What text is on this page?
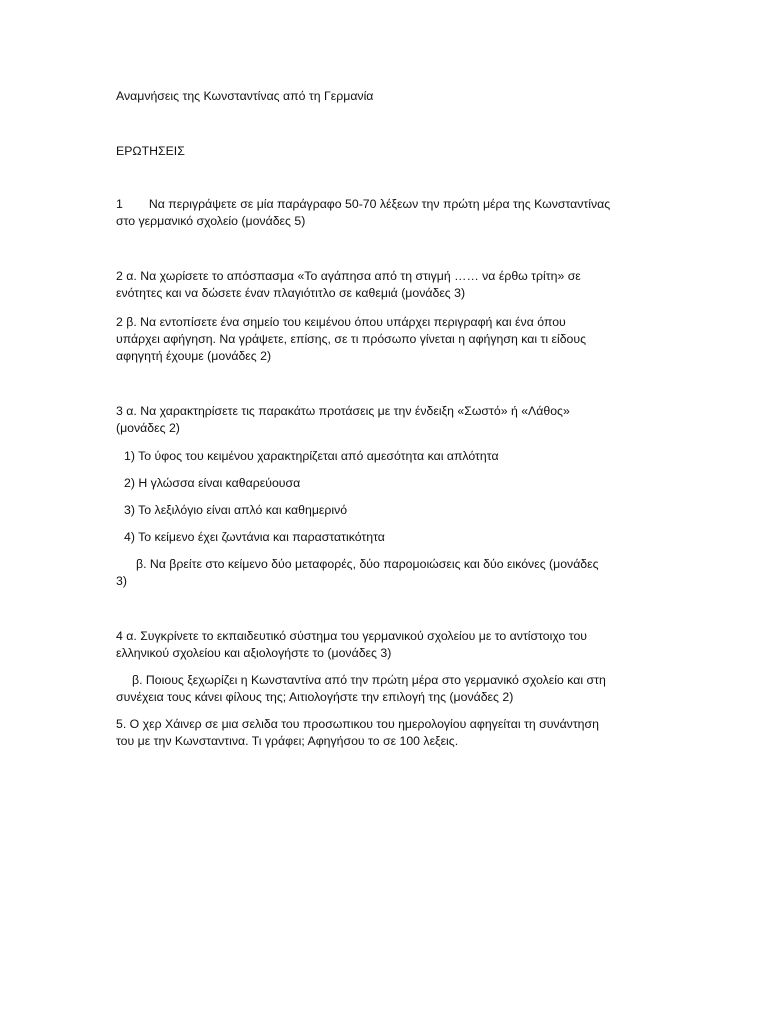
Αναμνήσεις της Κωνσταντίνας από τη Γερμανία
ΕΡΩΤΗΣΕΙΣ
1 Να περιγράψετε σε μία παράγραφο 50-70 λέξεων την πρώτη μέρα της Κωνσταντίνας
στο γερμανικό σχολείο (μονάδες 5)
2 α. Να χωρίσετε το απόσπασμα «Το αγάπησα από τη στιγμή …… να έρθω τρίτη» σε
ενότητες και να δώσετε έναν πλαγιότιτλο σε καθεμιά (μονάδες 3)
2 β. Να εντοπίσετε ένα σημείο του κειμένου όπου υπάρχει περιγραφή και ένα όπου
υπάρχει αφήγηση. Να γράψετε, επίσης, σε τι πρόσωπο γίνεται η αφήγηση και τι είδους
αφηγητή έχουμε (μονάδες 2)
3 α. Να χαρακτηρίσετε τις παρακάτω προτάσεις με την ένδειξη «Σωστό» ή «Λάθος»
(μονάδες 2)
1) Το ύφος του κειμένου χαρακτηρίζεται από αμεσότητα και απλότητα
2) Η γλώσσα είναι καθαρεύουσα
3) Το λεξιλόγιο είναι απλό και καθημερινό
4) Το κείμενο έχει ζωντάνια και παραστατικότητα
β. Να βρείτε στο κείμενο δύο μεταφορές, δύο παρομοιώσεις και δύο εικόνες (μονάδες
3)
4 α. Συγκρίνετε το εκπαιδευτικό σύστημα του γερμανικού σχολείου με το αντίστοιχο του
ελληνικού σχολείου και αξιολογήστε το (μονάδες 3)
β. Ποιους ξεχωρίζει η Κωνσταντίνα από την πρώτη μέρα στο γερμανικό σχολείο και στη
συνέχεια τους κάνει φίλους της; Αιτιολογήστε την επιλογή της (μονάδες 2)
5. Ο χερ Χάινερ σε μια σελιδα του προσωπικου του ημερολογίου αφηγείται τη συνάντηση
του με την Κωνσταντινα. Τι γράφει; Αφηγήσου το σε 100 λεξεις.
